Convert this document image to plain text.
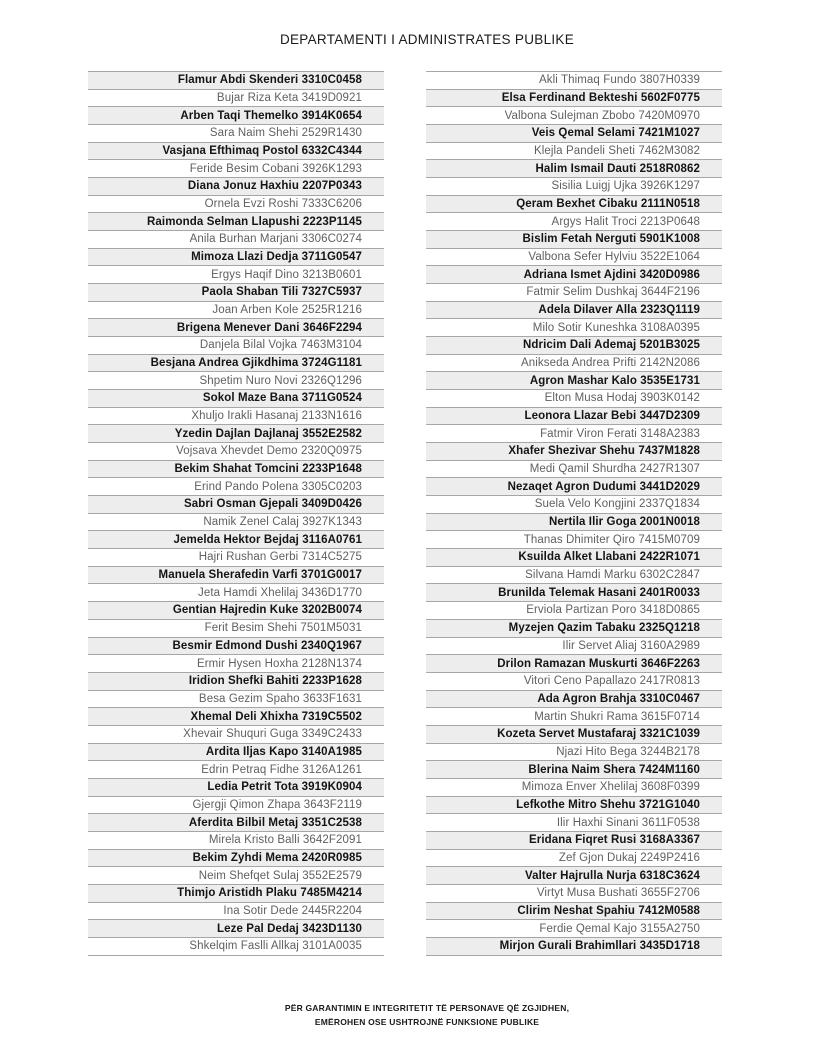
DEPARTAMENTI I ADMINISTRATES PUBLIKE
Flamur Abdi Skenderi 3310C0458
Bujar Riza Keta 3419D0921
Arben Taqi Themelko 3914K0654
Sara Naim Shehi 2529R1430
Vasjana Efthimaq Postol 6332C4344
Feride Besim Cobani 3926K1293
Diana Jonuz Haxhiu 2207P0343
Ornela Evzi Roshi 7333C6206
Raimonda Selman Llapushi 2223P1145
Anila Burhan Marjani 3306C0274
Mimoza Llazi Dedja 3711G0547
Ergys Haqif Dino 3213B0601
Paola Shaban Tili 7327C5937
Joan Arben Kole 2525R1216
Brigena Menever Dani 3646F2294
Danjela Bilal Vojka 7463M3104
Besjana Andrea Gjikdhima 3724G1181
Shpetim Nuro Novi 2326Q1296
Sokol Maze Bana 3711G0524
Xhuljo Irakli Hasanaj 2133N1616
Yzedin Dajlan Dajlanaj 3552E2582
Vojsava Xhevdet Demo 2320Q0975
Bekim Shahat Tomcini 2233P1648
Erind Pando Polena 3305C0203
Sabri Osman Gjepali 3409D0426
Namik Zenel Calaj 3927K1343
Jemelda Hektor Bejdaj 3116A0761
Hajri Rushan Gerbi 7314C5275
Manuela Sherafedin Varfi 3701G0017
Jeta Hamdi Xhelilaj 3436D1770
Gentian Hajredin Kuke 3202B0074
Ferit Besim Shehi 7501M5031
Besmir Edmond Dushi 2340Q1967
Ermir Hysen Hoxha 2128N1374
Iridion Shefki Bahiti 2233P1628
Besa Gezim Spaho 3633F1631
Xhemal Deli Xhixha 7319C5502
Xhevair Shuquri Guga 3349C2433
Ardita Iljas Kapo 3140A1985
Edrin Petraq Fidhe 3126A1261
Ledia Petrit Tota 3919K0904
Gjergji Qimon Zhapa 3643F2119
Aferdita Bilbil Metaj 3351C2538
Mirela Kristo Balli 3642F2091
Bekim Zyhdi Mema 2420R0985
Neim Shefqet Sulaj 3552E2579
Thimjo Aristidh Plaku 7485M4214
Ina Sotir Dede 2445R2204
Leze Pal Dedaj 3423D1130
Shkelqim Faslli Allkaj 3101A0035
Akli Thimaq Fundo 3807H0339
Elsa Ferdinand Bekteshi 5602F0775
Valbona Sulejman Zbobo 7420M0970
Veis Qemal Selami 7421M1027
Klejla Pandeli Sheti 7462M3082
Halim Ismail Dauti 2518R0862
Sisilia Luigj Ujka 3926K1297
Qeram Bexhet Cibaku 2111N0518
Argys Halit Troci 2213P0648
Bislim Fetah Nerguti 5901K1008
Valbona Sefer Hylviu 3522E1064
Adriana Ismet Ajdini 3420D0986
Fatmir Selim Dushkaj 3644F2196
Adela Dilaver Alla 2323Q1119
Milo Sotir Kuneshka 3108A0395
Ndricim Dali Ademaj 5201B3025
Anikseda Andrea Prifti 2142N2086
Agron Mashar Kalo 3535E1731
Elton Musa Hodaj 3903K0142
Leonora Llazar Bebi 3447D2309
Fatmir Viron Ferati 3148A2383
Xhafer Shezivar Shehu 7437M1828
Medi Qamil Shurdha 2427R1307
Nezaqet Agron Dudumi 3441D2029
Suela Velo Kongjini 2337Q1834
Nertila Ilir Goga 2001N0018
Thanas Dhimiter Qiro 7415M0709
Ksuilda Alket Llabani 2422R1071
Silvana Hamdi Marku 6302C2847
Brunilda Telemak Hasani 2401R0033
Erviola Partizan Poro 3418D0865
Myzejen Qazim Tabaku 2325Q1218
Ilir Servet Aliaj 3160A2989
Drilon Ramazan Muskurti 3646F2263
Vitori Ceno Papallazo 2417R0813
Ada Agron Brahja 3310C0467
Martin Shukri Rama 3615F0714
Kozeta Servet Mustafaraj 3321C1039
Njazi Hito Bega 3244B2178
Blerina Naim Shera 7424M1160
Mimoza Enver Xhelilaj 3608F0399
Lefkothe Mitro Shehu 3721G1040
Ilir Haxhi Sinani 3611F0538
Eridana Fiqret Rusi 3168A3367
Zef Gjon Dukaj 2249P2416
Valter Hajrulla Nurja 6318C3624
Virtyt Musa Bushati 3655F2706
Clirim Neshat Spahiu 7412M0588
Ferdie Qemal Kajo 3155A2750
Mirjon Gurali Brahimllari 3435D1718
PËR GARANTIMIN E INTEGRITETIT TË PERSONAVE QË ZGJIDHEN,
EMËROHEN OSE USHTROJNË FUNKSIONE PUBLIKE
